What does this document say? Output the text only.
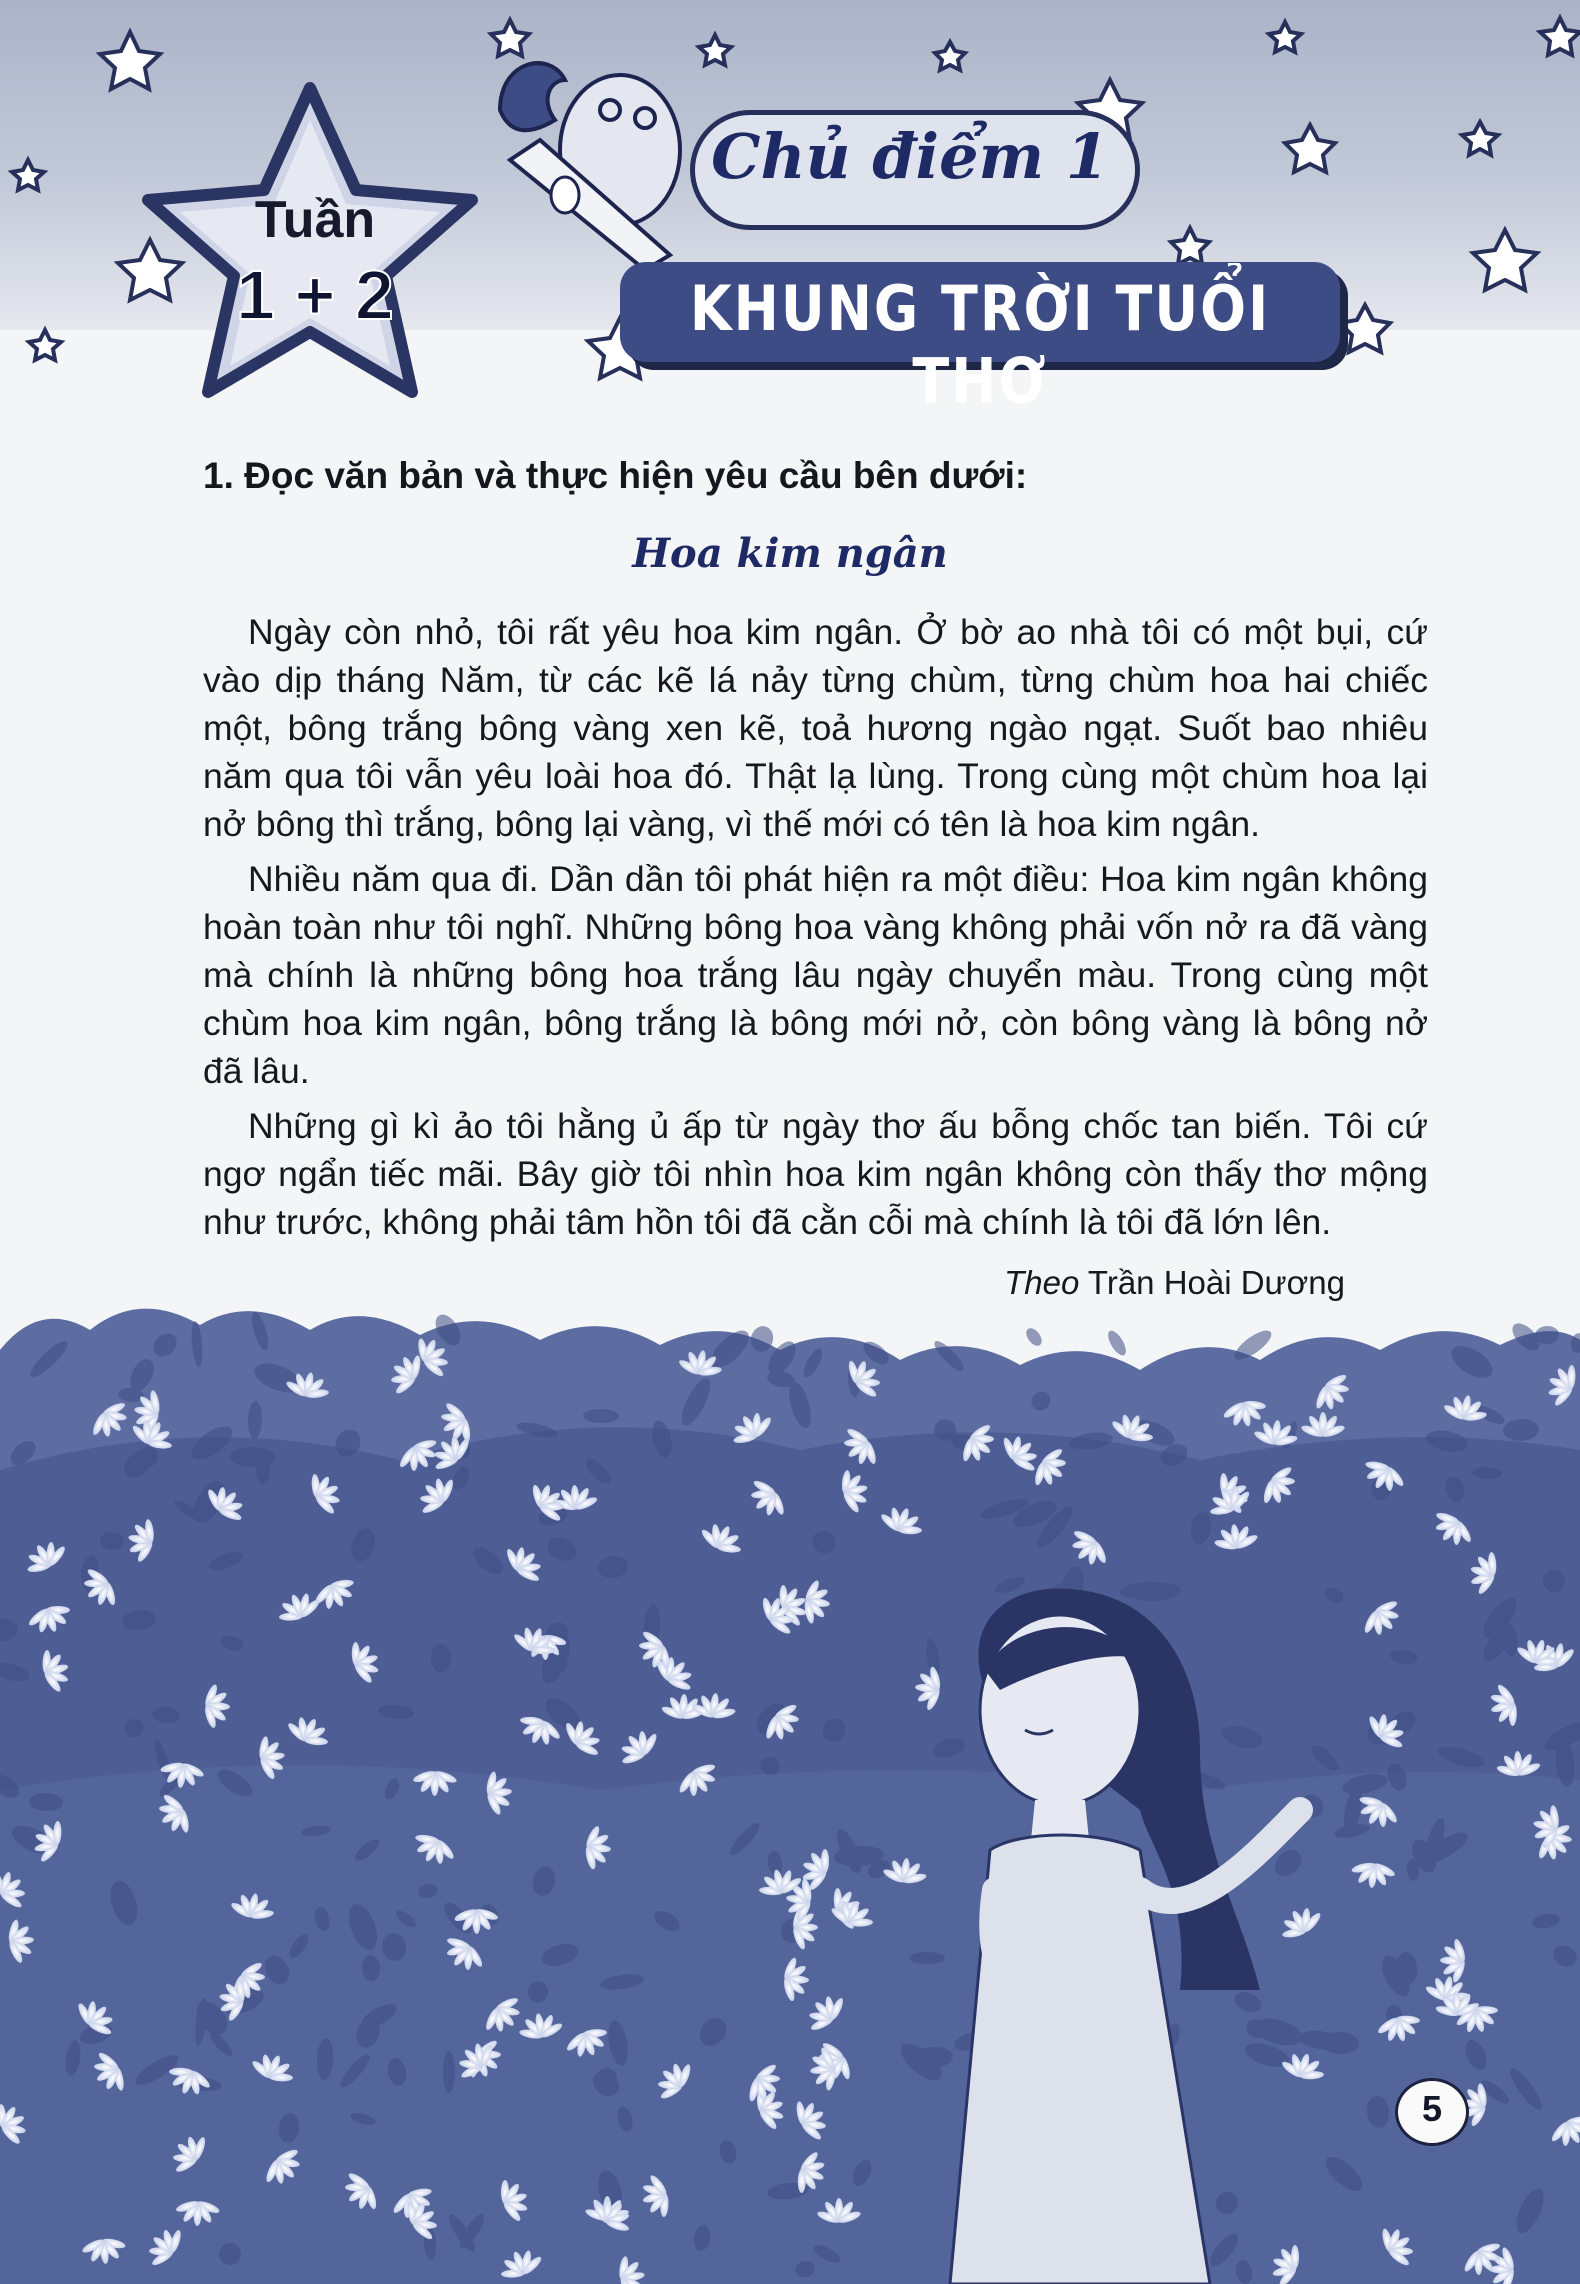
Tuần
1 + 2
Chủ điểm 1
KHUNG TRỜI TUỔI THƠ
1. Đọc văn bản và thực hiện yêu cầu bên dưới:
Hoa kim ngân

Ngày còn nhỏ, tôi rất yêu hoa kim ngân. Ở bờ ao nhà tôi có một bụi, cứ vào dịp tháng Năm, từ các kẽ lá nảy từng chùm, từng chùm hoa hai chiếc một, bông trắng bông vàng xen kẽ, toả hương ngào ngạt. Suốt bao nhiêu năm qua tôi vẫn yêu loài hoa đó. Thật lạ lùng. Trong cùng một chùm hoa lại nở bông thì trắng, bông lại vàng, vì thế mới có tên là hoa kim ngân.

Nhiều năm qua đi. Dần dần tôi phát hiện ra một điều: Hoa kim ngân không hoàn toàn như tôi nghĩ. Những bông hoa vàng không phải vốn nở ra đã vàng mà chính là những bông hoa trắng lâu ngày chuyển màu. Trong cùng một chùm hoa kim ngân, bông trắng là bông mới nở, còn bông vàng là bông nở đã lâu.

Những gì kì ảo tôi hằng ủ ấp từ ngày thơ ấu bỗng chốc tan biến. Tôi cứ ngơ ngẩn tiếc mãi. Bây giờ tôi nhìn hoa kim ngân không còn thấy thơ mộng như trước, không phải tâm hồn tôi đã cằn cỗi mà chính là tôi đã lớn lên.

Theo Trần Hoài Dương
5
